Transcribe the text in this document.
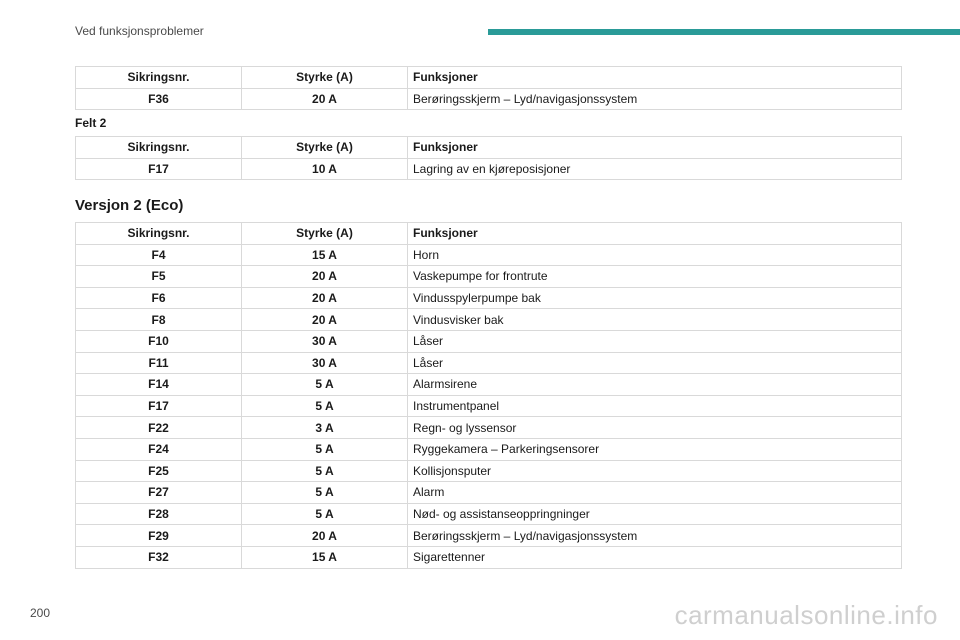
Ved funksjonsproblemer
Sikringsnr.	Styrke (A)	Funksjoner
F36	20 A	Berøringsskjerm – Lyd/navigasjonssystem
Felt 2
Sikringsnr.	Styrke (A)	Funksjoner
F17	10 A	Lagring av en kjøreposisjoner
Versjon 2 (Eco)
Sikringsnr.	Styrke (A)	Funksjoner
F4	15 A	Horn
F5	20 A	Vaskepumpe for frontrute
F6	20 A	Vindusspylerpumpe bak
F8	20 A	Vindusvisker bak
F10	30 A	Låser
F11	30 A	Låser
F14	5 A	Alarmsirene
F17	5 A	Instrumentpanel
F22	3 A	Regn- og lyssensor
F24	5 A	Ryggekamera – Parkeringsensorer
F25	5 A	Kollisjonsputer
F27	5 A	Alarm
F28	5 A	Nød- og assistanseoppringninger
F29	20 A	Berøringsskjerm – Lyd/navigasjonssystem
F32	15 A	Sigarettenner
200	carmanualsonline.info
